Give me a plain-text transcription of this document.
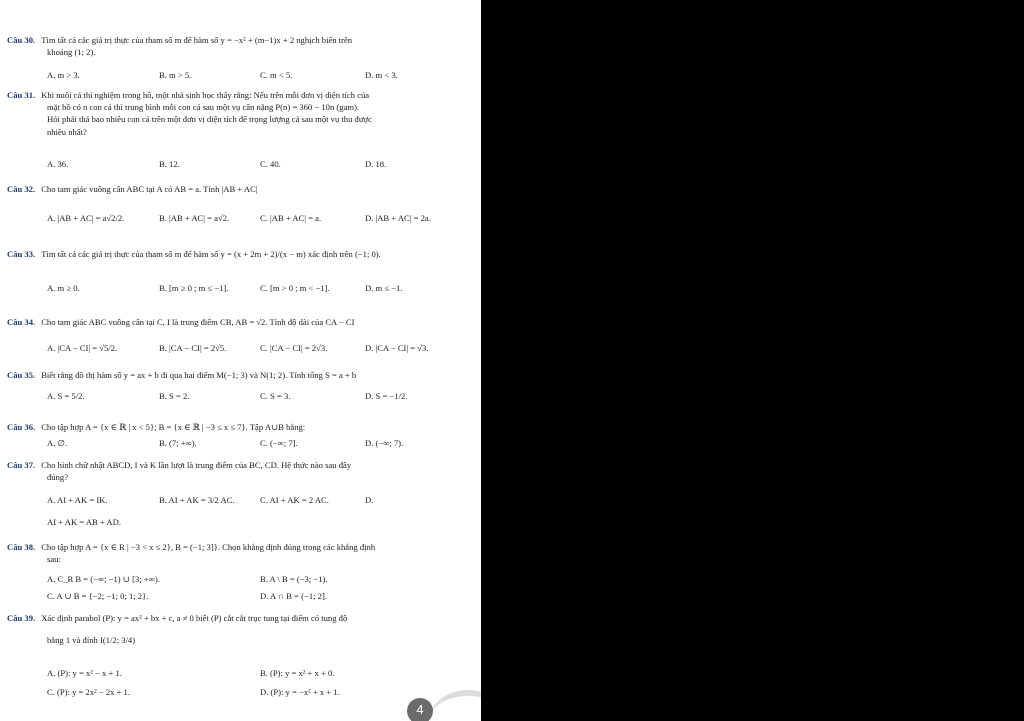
Câu 30. Tìm tất cả các giá trị thực của tham số m để hàm số y = −x² + (m−1)x + 2 nghịch biến trên
khoảng (1; 2).
A. m > 3.	B. m > 5.	C. m < 5.	D. m < 3.
Câu 31. Khi nuôi cá thí nghiệm trong hồ, một nhà sinh học thấy rằng: Nếu trên mỗi đơn vị diện tích của
mặt hồ có n con cá thì trung bình mỗi con cá sau một vụ cân nặng P(n) = 360 − 10n (gam).
Hỏi phải thả bao nhiêu con cá trên một đơn vị diện tích để trọng lượng cá sau một vụ thu được
nhiều nhất?
A. 36.	B. 12.	C. 40.	D. 18.
Câu 32. Cho tam giác vuông cân ABC tại A có AB = a. Tính |AB + AC|
A. |AB + AC| = a√2/2.	B. |AB + AC| = a√2.	C. |AB + AC| = a.	D. |AB + AC| = 2a.
Câu 33. Tìm tất cả các giá trị thực của tham số m để hàm số y = (x + 2m + 2)/(x − m) xác định trên (−1; 0).
A. m ≥ 0.	B. [m ≥ 0 ; m ≤ −1].	C. [m > 0 ; m < −1].	D. m ≤ −1.
Câu 34. Cho tam giác ABC vuông cân tại C, I là trung điểm CB, AB = √2. Tính độ dài của CA − CI
A. |CA − CI| = √5/2.	B. |CA − CI| = 2√5.	C. |CA − CI| = 2√3.	D. |CA − CI| = √3.
Câu 35. Biết rằng đồ thị hàm số y = ax + b đi qua hai điểm M(−1; 3) và N(1; 2). Tính tổng S = a + b
A. S = 5/2.	B. S = 2.	C. S = 3.	D. S = −1/2.
Câu 36. Cho tập hợp A = {x ∈ ℝ | x < 5}; B = {x ∈ ℝ | −3 ≤ x ≤ 7}. Tập A∪B bằng:
A. ∅.	B. (7; +∞).	C. (−∞; 7].	D. (−∞; 7).
Câu 37. Cho hình chữ nhật ABCD, I và K lần lượt là trung điểm của BC, CD. Hệ thức nào sau đây
đúng?
A. AI + AK = IK.	B. AI + AK = 3/2 AC.	C. AI + AK = 2 AC.	D.
AI + AK = AB + AD.
Câu 38. Cho tập hợp A = {x ∈ R | −3 < x ≤ 2}, B = (−1; 3]}. Chọn khẳng định đúng trong các khẳng định
sau:
A. C_R B = (−∞; −1) ∪ [3; +∞).	B. A \ B = (−3; −1).
C. A ∪ B = {−2; −1; 0; 1; 2}.	D. A ∩ B = (−1; 2].
Câu 39. Xác định parabol (P): y = ax² + bx + c, a ≠ 0 biết (P) cắt cắt trục tung tại điểm có tung độ
bằng 1 và đỉnh I(1/2; 3/4)
A. (P): y = x² − x + 1.	B. (P): y = x² + x + 0.
C. (P): y = 2x² − 2x + 1.	D. (P): y = −x² + x + 1.
4
